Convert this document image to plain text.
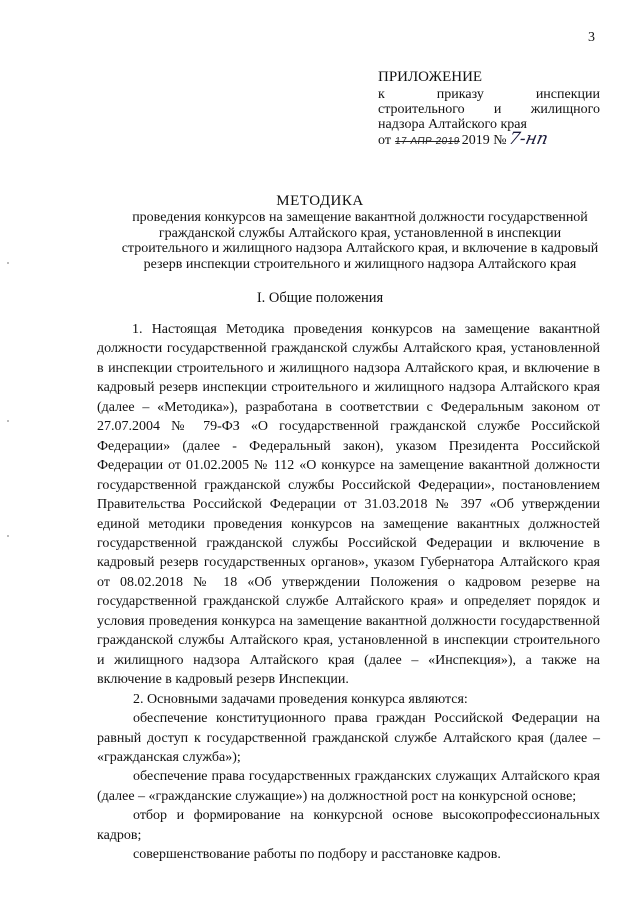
3
ПРИЛОЖЕНИЕ
к	приказу	инспекции
строительного и жилищного
надзора Алтайского края
от 17 АПР 2019 2019 № 7-нп
МЕТОДИКА
проведения конкурсов на замещение вакантной должности государственной гражданской службы Алтайского края, установленной в инспекции строительного и жилищного надзора Алтайского края, и включение в кадровый резерв инспекции строительного и жилищного надзора Алтайского края
I. Общие положения

1. Настоящая Методика проведения конкурсов на замещение вакантной должности государственной гражданской службы Алтайского края, установленной в инспекции строительного и жилищного надзора Алтайского края, и включение в кадровый резерв инспекции строительного и жилищного надзора Алтайского края (далее – «Методика»), разработана в соответствии с Федеральным законом от 27.07.2004 № 79-ФЗ «О государственной гражданской службе Российской Федерации» (далее - Федеральный закон), указом Президента Российской Федерации от 01.02.2005 № 112 «О конкурсе на замещение вакантной должности государственной гражданской службы Российской Федерации», постановлением Правительства Российской Федерации от 31.03.2018 № 397 «Об утверждении единой методики проведения конкурсов на замещение вакантных должностей государственной гражданской службы Российской Федерации и включение в кадровый резерв государственных органов», указом Губернатора Алтайского края от 08.02.2018 № 18 «Об утверждении Положения о кадровом резерве на государственной гражданской службе Алтайского края» и определяет порядок и условия проведения конкурса на замещение вакантной должности государственной гражданской службы Алтайского края, установленной в инспекции строительного и жилищного надзора Алтайского края (далее – «Инспекция»), а также на включение в кадровый резерв Инспекции.

2. Основными задачами проведения конкурса являются:

обеспечение конституционного права граждан Российской Федерации на равный доступ к государственной гражданской службе Алтайского края (далее – «гражданская служба»);

обеспечение права государственных гражданских служащих Алтайского края (далее – «гражданские служащие») на должностной рост на конкурсной основе;

отбор и формирование на конкурсной основе высокопрофессиональных кадров;

совершенствование работы по подбору и расстановке кадров.
